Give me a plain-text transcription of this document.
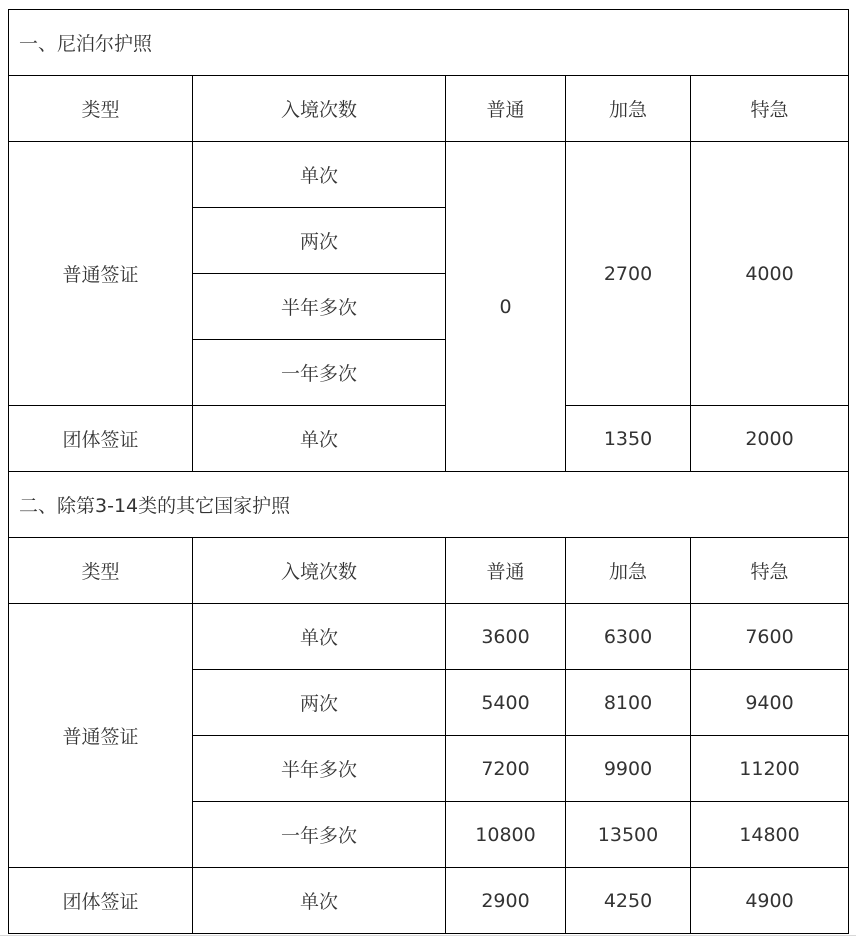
一、尼泊尔护照				
类型	入境次数	普通	加急	特急
普通签证	单次	0	2700	4000
	两次			
	半年多次			
	一年多次			
团体签证	单次		1350	2000
二、除第3-14类的其它国家护照				
类型	入境次数	普通	加急	特急
普通签证	单次	3600	6300	7600
	两次	5400	8100	9400
	半年多次	7200	9900	11200
	一年多次	10800	13500	14800
团体签证	单次	2900	4250	4900
